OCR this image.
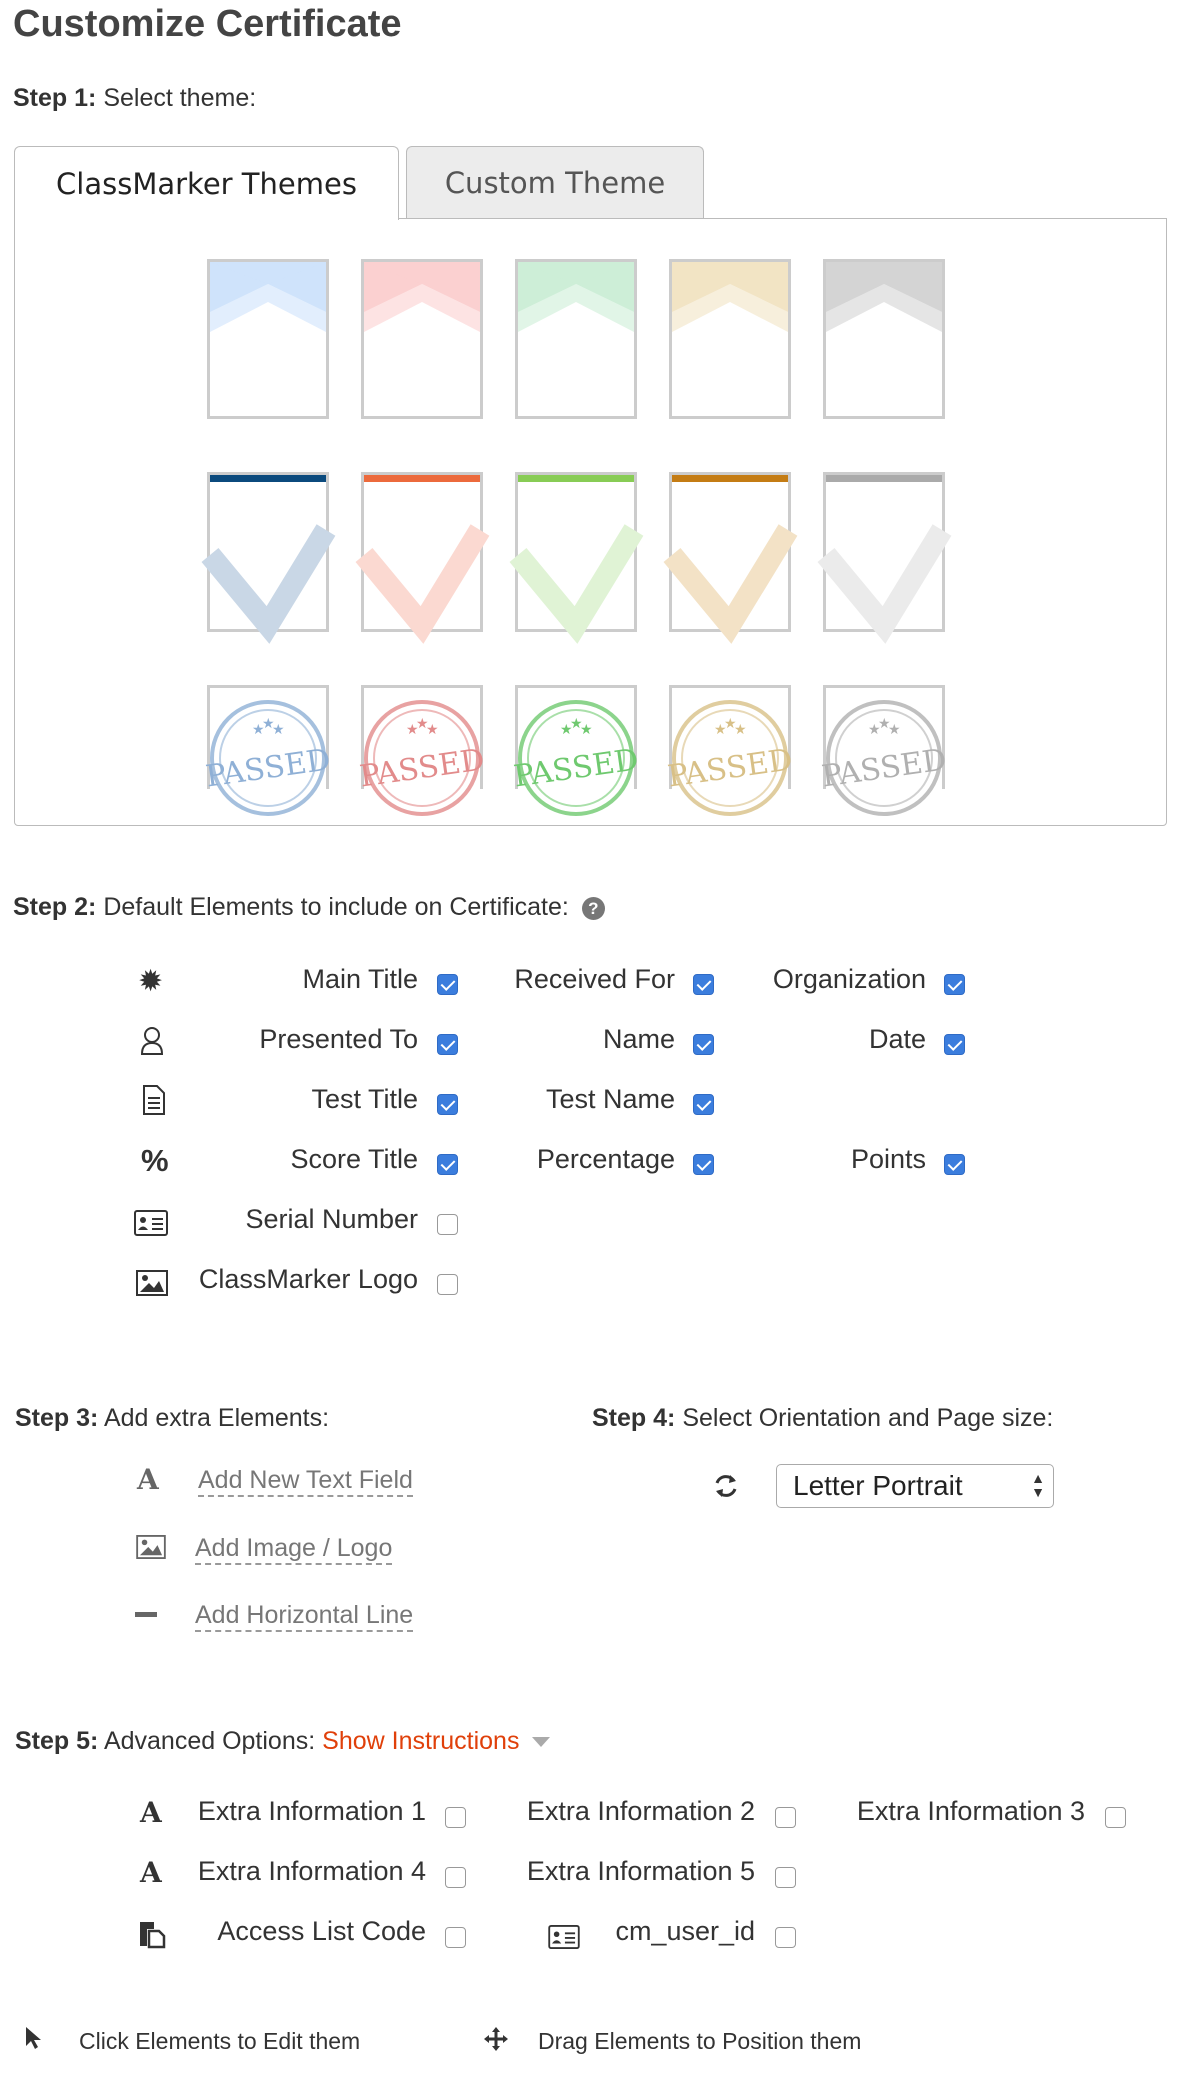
Customize Certificate
Step 1: Select theme:
ClassMarker Themes	Custom Theme
★
★
★
PASSED
★
★
★
PASSED
★
★
★
PASSED
★
★
★
PASSED
★
★
★
PASSED
Step 2: Default Elements to include on Certificate: ?
✹
%
Main Title	Received For	Organization
Presented To	Name	Date
Test Title	Test Name
Score Title	Percentage	Points
Serial Number
ClassMarker Logo
Step 3: Add extra Elements:
A Add New Text Field
Add Image / Logo
Add Horizontal Line
Step 4: Select Orientation and Page size:
Letter Portrait	▲
▼
Step 5: Advanced Options: Show Instructions
A Extra Information 1	Extra Information 2	Extra Information 3
A Extra Information 4	Extra Information 5
Access List Code	cm_user_id
Click Elements to Edit them	Drag Elements to Position them
